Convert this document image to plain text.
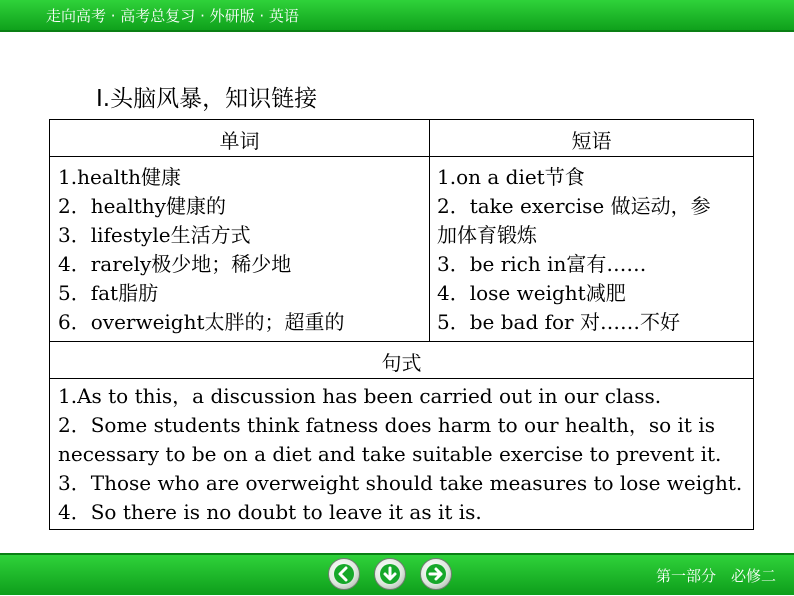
走向高考 · 高考总复习 · 外研版 · 英语
Ⅰ.头脑风暴，知识链接
单词	短语
1.health健康
2．healthy健康的
3．lifestyle生活方式
4．rarely极少地；稀少地
5．fat脂肪
6．overweight太胖的；超重的
1.on a diet节食
2．take exercise 做运动，参
加体育锻炼
3．be rich in富有……
4．lose weight减肥
5．be bad for 对……不好
句式
1.As to this，a discussion has been carried out in our class.
2．Some students think fatness does harm to our health，so it is
necessary to be on a diet and take suitable exercise to prevent it.
3．Those who are overweight should take measures to lose weight.
4．So there is no doubt to leave it as it is.
第一部分　必修二
